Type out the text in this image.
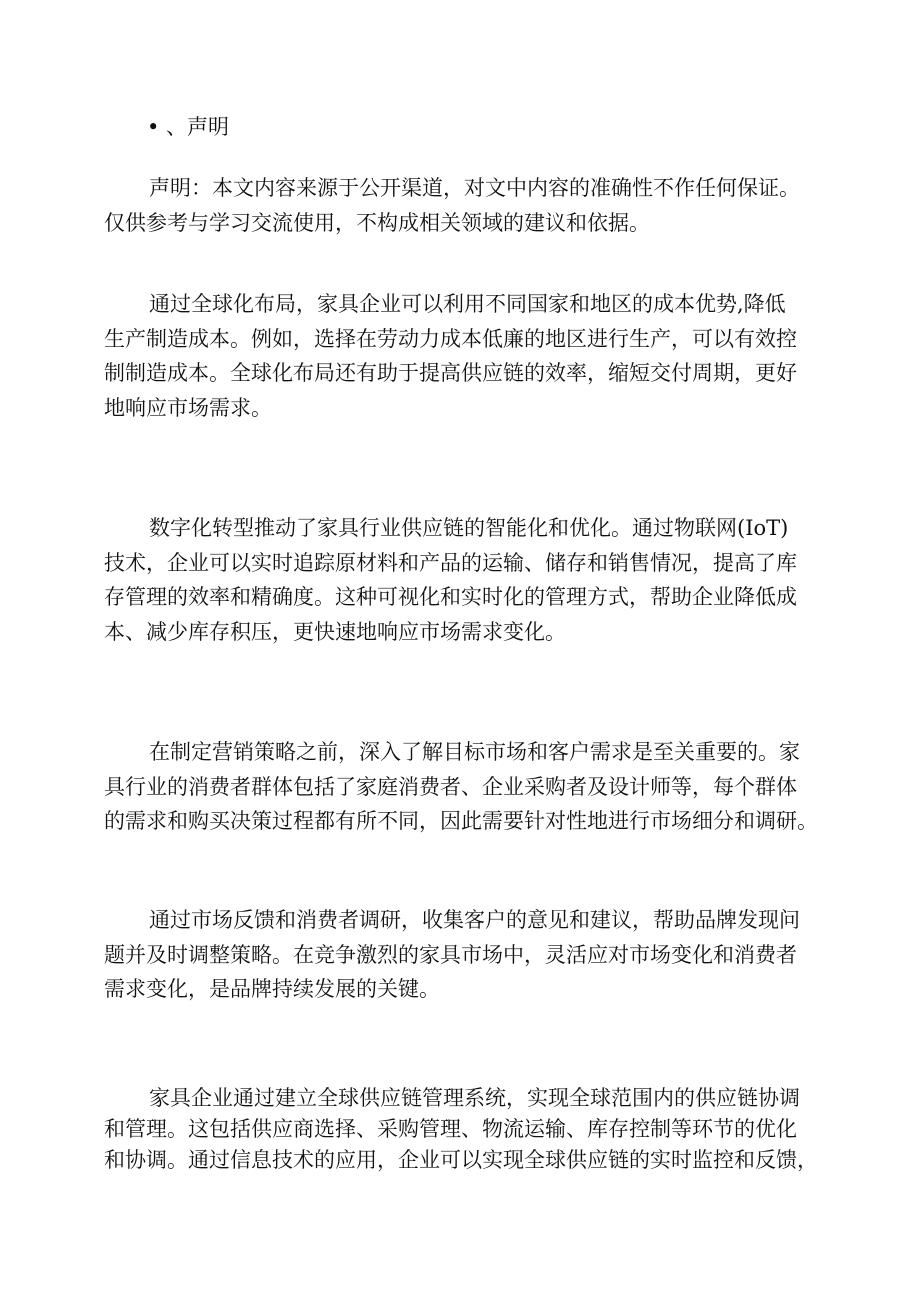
• 、声明
声明：本文内容来源于公开渠道，对文中内容的准确性不作任何保证。
仅供参考与学习交流使用，不构成相关领域的建议和依据。
通过全球化布局，家具企业可以利用不同国家和地区的成本优势,降低
生产制造成本。例如，选择在劳动力成本低廉的地区进行生产，可以有效控
制制造成本。全球化布局还有助于提高供应链的效率，缩短交付周期，更好
地响应市场需求。
数字化转型推动了家具行业供应链的智能化和优化。通过物联网(IoT)
技术，企业可以实时追踪原材料和产品的运输、储存和销售情况，提高了库
存管理的效率和精确度。这种可视化和实时化的管理方式，帮助企业降低成
本、减少库存积压，更快速地响应市场需求变化。
在制定营销策略之前，深入了解目标市场和客户需求是至关重要的。家
具行业的消费者群体包括了家庭消费者、企业采购者及设计师等，每个群体
的需求和购买决策过程都有所不同，因此需要针对性地进行市场细分和调研。
通过市场反馈和消费者调研，收集客户的意见和建议，帮助品牌发现问
题并及时调整策略。在竞争激烈的家具市场中，灵活应对市场变化和消费者
需求变化，是品牌持续发展的关键。
家具企业通过建立全球供应链管理系统，实现全球范围内的供应链协调
和管理。这包括供应商选择、采购管理、物流运输、库存控制等环节的优化
和协调。通过信息技术的应用，企业可以实现全球供应链的实时监控和反馈，
